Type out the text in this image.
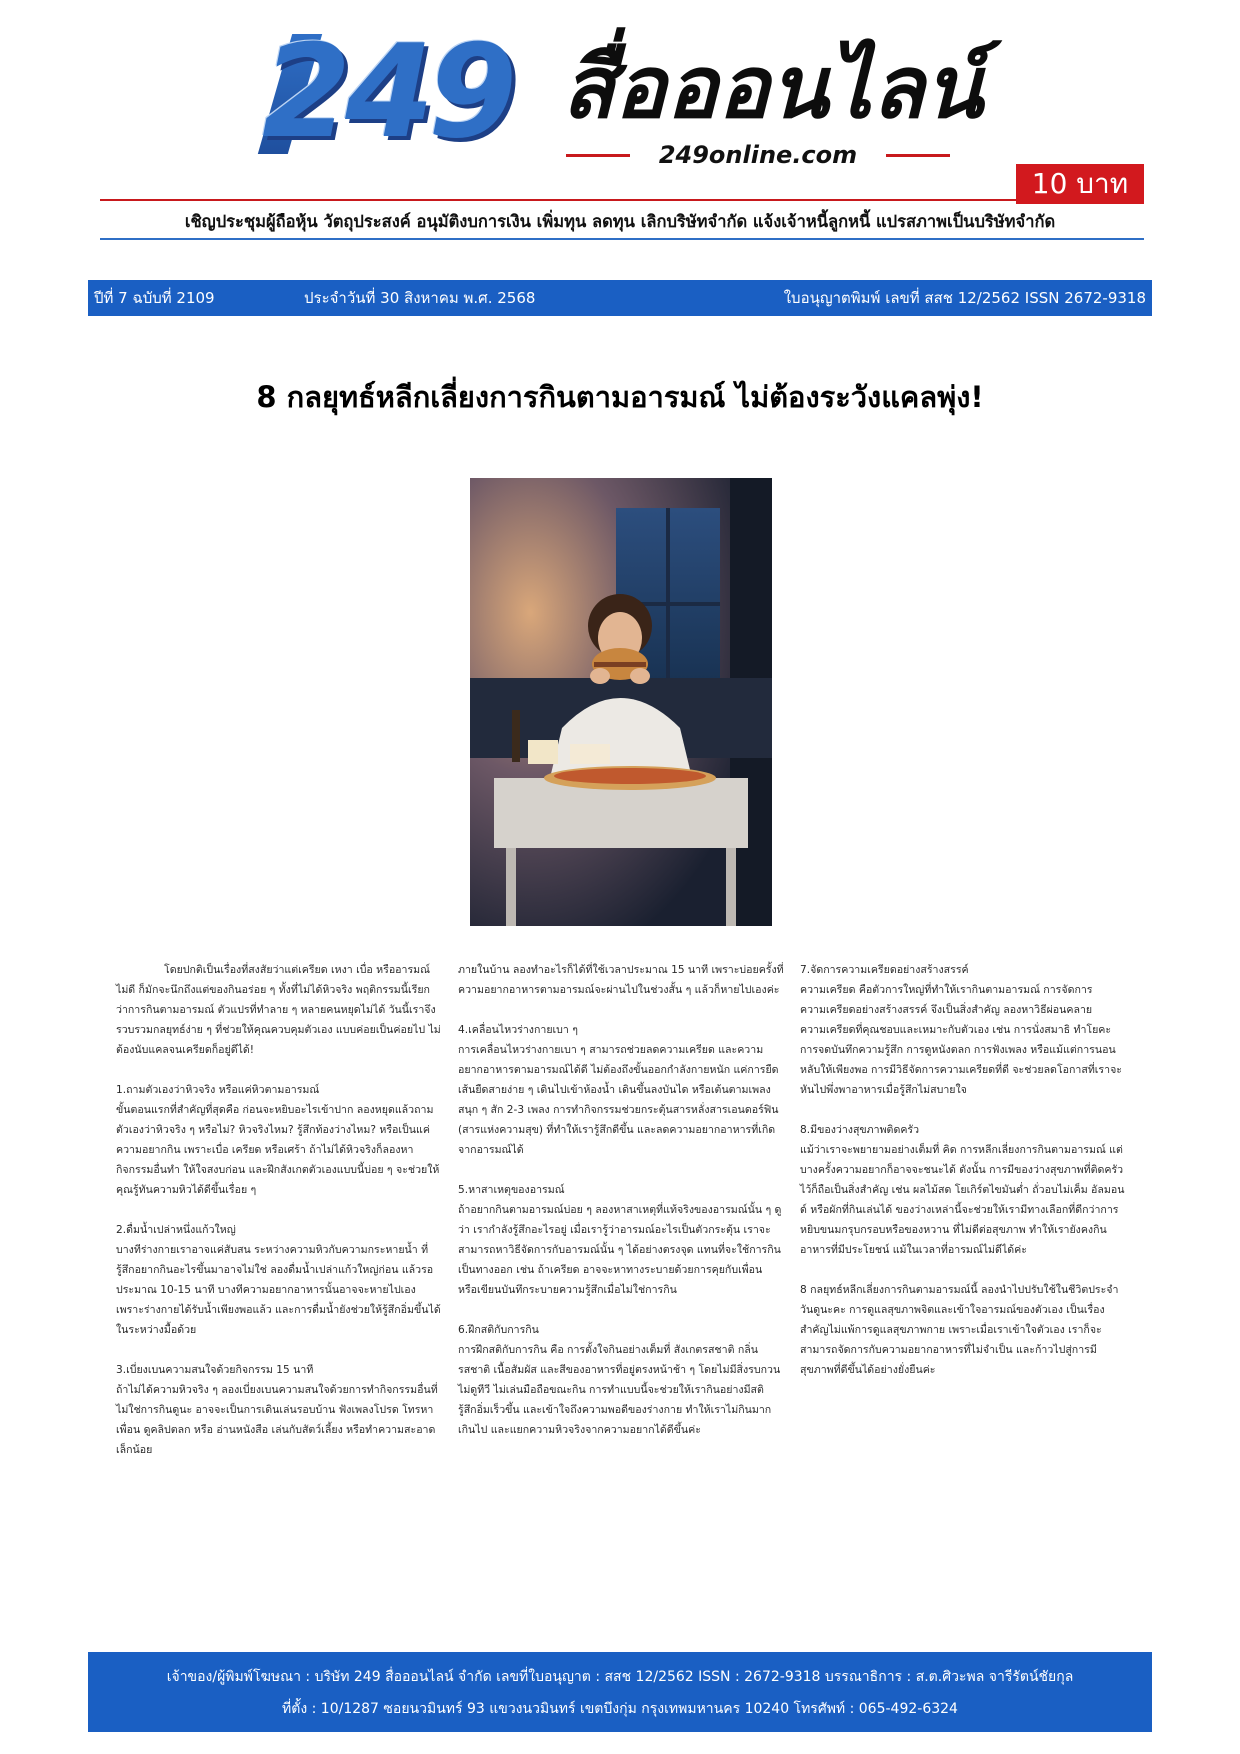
249 สื่อออนไลน์
249online.com
10 บาท
เชิญประชุมผู้ถือหุ้น วัตถุประสงค์ อนุมัติงบการเงิน เพิ่มทุน ลดทุน เลิกบริษัทจำกัด แจ้งเจ้าหนี้ลูกหนี้ แปรสภาพเป็นบริษัทจำกัด
ปีที่ 7 ฉบับที่ 2109	ประจำวันที่ 30 สิงหาคม พ.ศ. 2568	ใบอนุญาตพิมพ์ เลขที่ สสช 12/2562 ISSN 2672-9318
8 กลยุทธ์หลีกเลี่ยงการกินตามอารมณ์ ไม่ต้องระวังแคลพุ่ง!

โดยปกติเป็นเรื่องที่สงสัยว่าแต่เครียด เหงา เบื่อ หรืออารมณ์ไม่ดี ก็มักจะนึกถึงแต่ของกินอร่อย ๆ ทั้งที่ไม่ได้หิวจริง พฤติกรรมนี้เรียกว่าการกินตามอารมณ์ ตัวแปรที่ทำลาย ๆ หลายคนหยุดไม่ได้ วันนี้เราจึงรวบรวมกลยุทธ์ง่าย ๆ ที่ช่วยให้คุณควบคุมตัวเอง แบบค่อยเป็นค่อยไป ไม่ต้องนับแคลจนเครียดก็อยู่ดีได้!

1.ถามตัวเองว่าหิวจริง หรือแค่หิวตามอารมณ์
ขั้นตอนแรกที่สำคัญที่สุดคือ ก่อนจะหยิบอะไรเข้าปาก ลองหยุดแล้วถามตัวเองว่าหิวจริง ๆ หรือไม่? หิวจริงไหม? รู้สึกท้องว่างไหม? หรือเป็นแค่ความอยากกิน เพราะเบื่อ เครียด หรือเศร้า ถ้าไม่ได้หิวจริงก็ลองหากิจกรรมอื่นทำ ให้ใจสงบก่อน และฝึกสังเกตตัวเองแบบนี้บ่อย ๆ จะช่วยให้คุณรู้ทันความหิวได้ดีขึ้นเรื่อย ๆ

2.ดื่มน้ำเปล่าหนึ่งแก้วใหญ่
บางทีร่างกายเราอาจแค่สับสน ระหว่างความหิวกับความกระหายน้ำ ที่รู้สึกอยากกินอะไรขึ้นมาอาจไม่ใช่ ลองดื่มน้ำเปล่าแก้วใหญ่ก่อน แล้วรอประมาณ 10-15 นาที บางทีความอยากอาหารนั้นอาจจะหายไปเอง เพราะร่างกายได้รับน้ำเพียงพอแล้ว และการดื่มน้ำยังช่วยให้รู้สึกอิ่มขึ้นได้ในระหว่างมื้อด้วย

3.เบี่ยงเบนความสนใจด้วยกิจกรรม 15 นาที
ถ้าไม่ได้ความหิวจริง ๆ ลองเบี่ยงเบนความสนใจด้วยการทำกิจกรรมอื่นที่ไม่ใช่การกินดูนะ อาจจะเป็นการเดินเล่นรอบบ้าน ฟังเพลงโปรด โทรหาเพื่อน ดูคลิปตลก หรือ อ่านหนังสือ เล่นกับสัตว์เลี้ยง หรือทำความสะอาดเล็กน้อย

ภายในบ้าน ลองทำอะไรก็ได้ที่ใช้เวลาประมาณ 15 นาที เพราะบ่อยครั้งที่ความอยากอาหารตามอารมณ์จะผ่านไปในช่วงสั้น ๆ แล้วก็หายไปเองค่ะ

4.เคลื่อนไหวร่างกายเบา ๆ
การเคลื่อนไหวร่างกายเบา ๆ สามารถช่วยลดความเครียด และความอยากอาหารตามอารมณ์ได้ดี ไม่ต้องถึงขั้นออกกำลังกายหนัก แค่การยืดเส้นยืดสายง่าย ๆ เดินไปเข้าห้องน้ำ เดินขึ้นลงบันได หรือเต้นตามเพลงสนุก ๆ สัก 2-3 เพลง การทำกิจกรรมช่วยกระตุ้นสารหลั่งสารเอนดอร์ฟิน (สารแห่งความสุข) ที่ทำให้เรารู้สึกดีขึ้น และลดความอยากอาหารที่เกิดจากอารมณ์ได้

5.หาสาเหตุของอารมณ์
ถ้าอยากกินตามอารมณ์บ่อย ๆ ลองหาสาเหตุที่แท้จริงของอารมณ์นั้น ๆ ดูว่า เรากำลังรู้สึกอะไรอยู่ เมื่อเรารู้ว่าอารมณ์อะไรเป็นตัวกระตุ้น เราจะสามารถหาวิธีจัดการกับอารมณ์นั้น ๆ ได้อย่างตรงจุด แทนที่จะใช้การกินเป็นทางออก เช่น ถ้าเครียด อาจจะหาทางระบายด้วยการคุยกับเพื่อน หรือเขียนบันทึกระบายความรู้สึกเมื่อไม่ใช่การกิน

6.ฝึกสติกับการกิน
การฝึกสติกับการกิน คือ การตั้งใจกินอย่างเต็มที่ สังเกตรสชาติ กลิ่น รสชาติ เนื้อสัมผัส และสีของอาหารที่อยู่ตรงหน้าช้า ๆ โดยไม่มีสิ่งรบกวน ไม่ดูทีวี ไม่เล่นมือถือขณะกิน การทำแบบนี้จะช่วยให้เรากินอย่างมีสติ รู้สึกอิ่มเร็วขึ้น และเข้าใจถึงความพอดีของร่างกาย ทำให้เราไม่กินมากเกินไป และแยกความหิวจริงจากความอยากได้ดีขึ้นค่ะ

7.จัดการความเครียดอย่างสร้างสรรค์
ความเครียด คือตัวการใหญ่ที่ทำให้เรากินตามอารมณ์ การจัดการความเครียดอย่างสร้างสรรค์ จึงเป็นสิ่งสำคัญ ลองหาวิธีผ่อนคลายความเครียดที่คุณชอบและเหมาะกับตัวเอง เช่น การนั่งสมาธิ ทำโยคะ การจดบันทึกความรู้สึก การดูหนังตลก การฟังเพลง หรือแม้แต่การนอนหลับให้เพียงพอ การมีวิธีจัดการความเครียดที่ดี จะช่วยลดโอกาสที่เราจะหันไปพึ่งพาอาหารเมื่อรู้สึกไม่สบายใจ

8.มีของว่างสุขภาพติดครัว
แม้ว่าเราจะพยายามอย่างเต็มที่ คิด การหลีกเลี่ยงการกินตามอารมณ์ แต่บางครั้งความอยากก็อาจจะชนะได้ ดังนั้น การมีของว่างสุขภาพที่ติดครัวไว้ก็ถือเป็นสิ่งสำคัญ เช่น ผลไม้สด โยเกิร์ตไขมันต่ำ ถั่วอบไม่เค็ม อัลมอนด์ หรือผักที่กินเล่นได้ ของว่างเหล่านี้จะช่วยให้เรามีทางเลือกที่ดีกว่าการหยิบขนมกรุบกรอบหรือของหวาน ที่ไม่ดีต่อสุขภาพ ทำให้เรายังคงกินอาหารที่มีประโยชน์ แม้ในเวลาที่อารมณ์ไม่ดีได้ค่ะ

8 กลยุทธ์หลีกเลี่ยงการกินตามอารมณ์นี้ ลองนำไปปรับใช้ในชีวิตประจำวันดูนะคะ การดูแลสุขภาพจิตและเข้าใจอารมณ์ของตัวเอง เป็นเรื่องสำคัญไม่แพ้การดูแลสุขภาพกาย เพราะเมื่อเราเข้าใจตัวเอง เราก็จะสามารถจัดการกับความอยากอาหารที่ไม่จำเป็น และก้าวไปสู่การมีสุขภาพที่ดีขึ้นได้อย่างยั่งยืนค่ะ

เจ้าของ/ผู้พิมพ์โฆษณา : บริษัท 249 สื่อออนไลน์ จำกัด เลขที่ใบอนุญาต : สสช 12/2562 ISSN : 2672-9318 บรรณาธิการ : ส.ต.ศิวะพล จารีรัตน์ชัยกุล
ที่ตั้ง : 10/1287 ซอยนวมินทร์ 93 แขวงนวมินทร์ เขตบึงกุ่ม กรุงเทพมหานคร 10240 โทรศัพท์ : 065-492-6324
